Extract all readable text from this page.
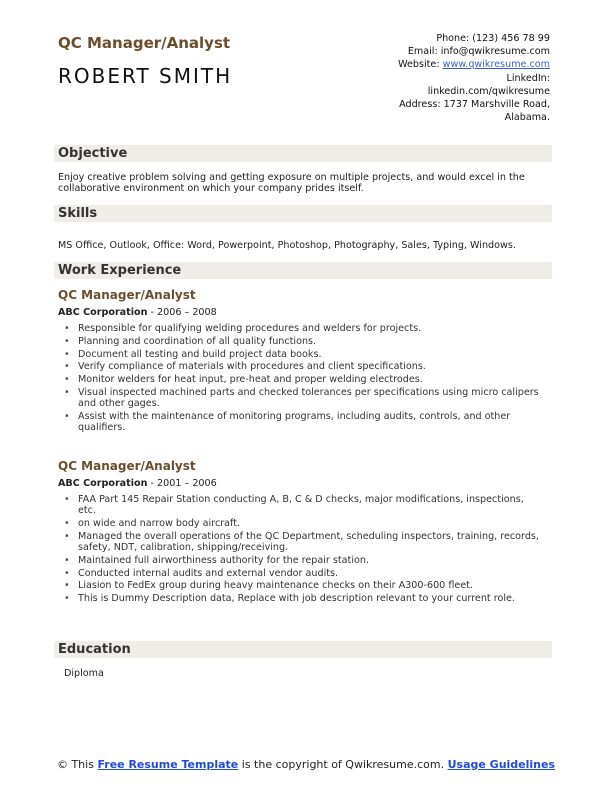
QC Manager/Analyst
ROBERT SMITH
Phone: (123) 456 78 99
Email: info@qwikresume.com
Website: www.qwikresume.com
LinkedIn:
linkedin.com/qwikresume
Address: 1737 Marshville Road,
Alabama.
Objective
Enjoy creative problem solving and getting exposure on multiple projects, and would excel in the collaborative environment on which your company prides itself.
Skills
MS Office, Outlook, Office: Word, Powerpoint, Photoshop, Photography, Sales, Typing, Windows.
Work Experience
QC Manager/Analyst
ABC Corporation - 2006 – 2008
• Responsible for qualifying welding procedures and welders for projects.
• Planning and coordination of all quality functions.
• Document all testing and build project data books.
• Verify compliance of materials with procedures and client specifications.
• Monitor welders for heat input, pre-heat and proper welding electrodes.
• Visual inspected machined parts and checked tolerances per specifications using micro calipers and other gages.
• Assist with the maintenance of monitoring programs, including audits, controls, and other qualifiers.
QC Manager/Analyst
ABC Corporation - 2001 – 2006
• FAA Part 145 Repair Station conducting A, B, C & D checks, major modifications, inspections, etc.
• on wide and narrow body aircraft.
• Managed the overall operations of the QC Department, scheduling inspectors, training, records, safety, NDT, calibration, shipping/receiving.
• Maintained full airworthiness authority for the repair station.
• Conducted internal audits and external vendor audits.
• Liasion to FedEx group during heavy maintenance checks on their A300-600 fleet.
• This is Dummy Description data, Replace with job description relevant to your current role.
Education
Diploma
© This Free Resume Template is the copyright of Qwikresume.com. Usage Guidelines
